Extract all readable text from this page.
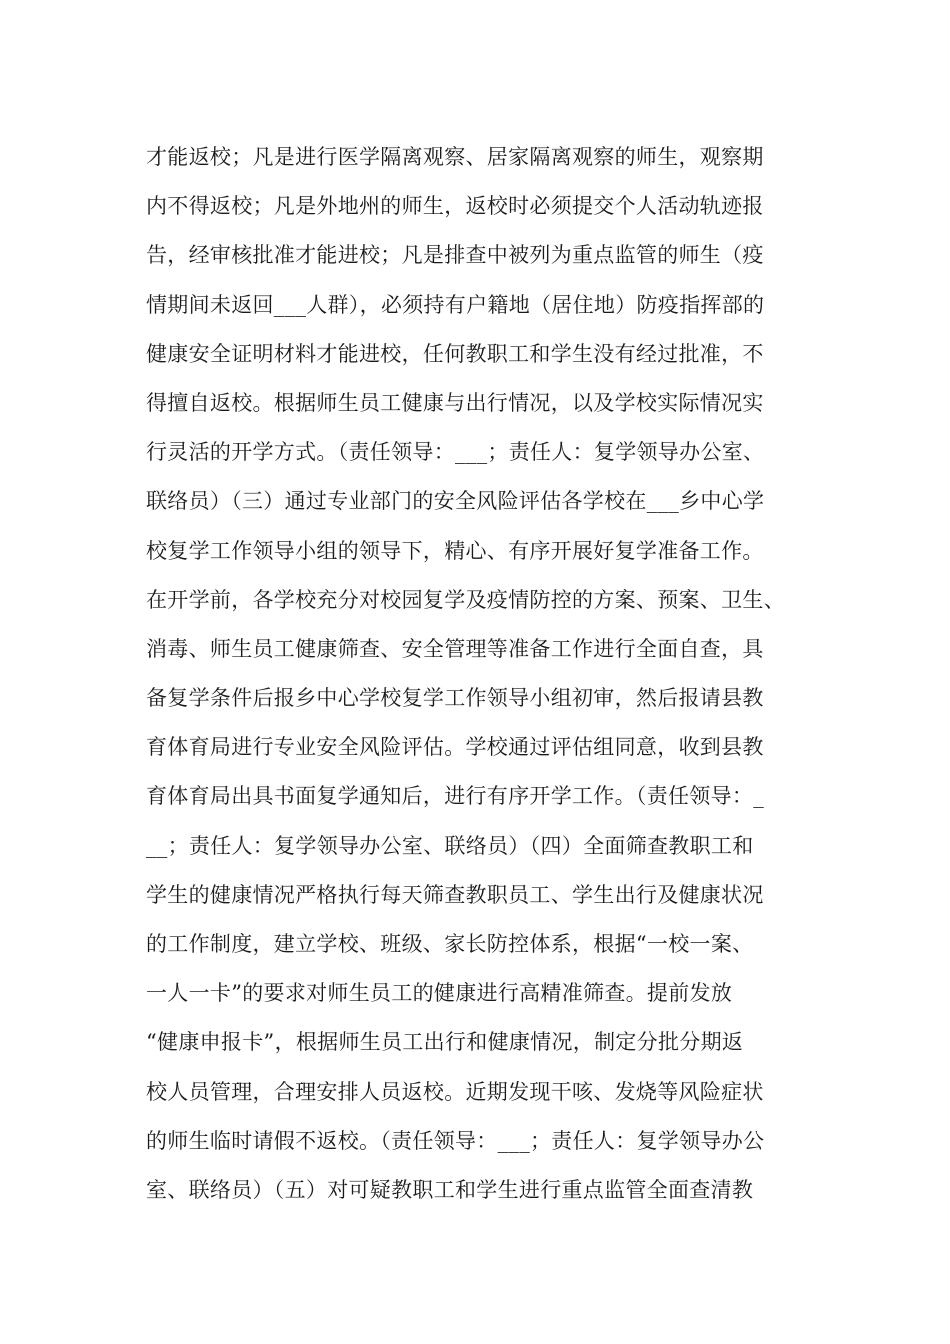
才能返校；凡是进行医学隔离观察、居家隔离观察的师生，观察期
内不得返校；凡是外地州的师生，返校时必须提交个人活动轨迹报
告，经审核批准才能进校；凡是排查中被列为重点监管的师生（疫
情期间未返回___人群），必须持有户籍地（居住地）防疫指挥部的
健康安全证明材料才能进校，任何教职工和学生没有经过批准，不
得擅自返校。根据师生员工健康与出行情况，以及学校实际情况实
行灵活的开学方式。（责任领导：___；责任人：复学领导办公室、
联络员）（三）通过专业部门的安全风险评估各学校在___乡中心学
校复学工作领导小组的领导下，精心、有序开展好复学准备工作。
在开学前，各学校充分对校园复学及疫情防控的方案、预案、卫生、
消毒、师生员工健康筛查、安全管理等准备工作进行全面自查，具
备复学条件后报乡中心学校复学工作领导小组初审，然后报请县教
育体育局进行专业安全风险评估。学校通过评估组同意，收到县教
育体育局出具书面复学通知后，进行有序开学工作。（责任领导：_
__；责任人：复学领导办公室、联络员）（四）全面筛查教职工和
学生的健康情况严格执行每天筛查教职员工、学生出行及健康状况
的工作制度，建立学校、班级、家长防控体系，根据“一校一案、
一人一卡”的要求对师生员工的健康进行高精准筛查。提前发放
“健康申报卡”，根据师生员工出行和健康情况，制定分批分期返
校人员管理，合理安排人员返校。近期发现干咳、发烧等风险症状
的师生临时请假不返校。（责任领导：___；责任人：复学领导办公
室、联络员）（五）对可疑教职工和学生进行重点监管全面查清教
